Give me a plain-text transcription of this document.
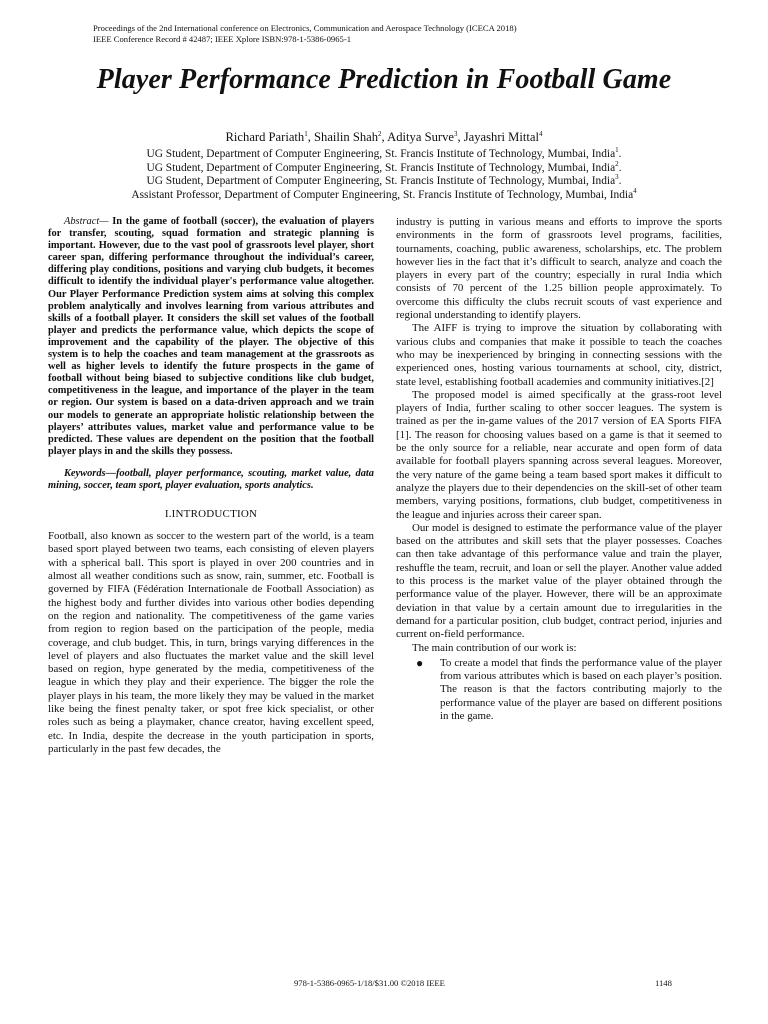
Proceedings of the 2nd International conference on Electronics, Communication and Aerospace Technology (ICECA 2018)
IEEE Conference Record # 42487; IEEE Xplore ISBN:978-1-5386-0965-1
Player Performance Prediction in Football Game
Richard Pariath$^1$, Shailin Shah$^2$, Aditya Surve$^3$, Jayashri Mittal$^4$
UG Student, Department of Computer Engineering, St. Francis Institute of Technology, Mumbai, India$^1$.
UG Student, Department of Computer Engineering, St. Francis Institute of Technology, Mumbai, India$^2$.
UG Student, Department of Computer Engineering, St. Francis Institute of Technology, Mumbai, India$^3$.
Assistant Professor, Department of Computer Engineering, St. Francis Institute of Technology, Mumbai, India$^4$

Abstract— In the game of football (soccer), the evaluation of players for transfer, scouting, squad formation and strategic planning is important. However, due to the vast pool of grassroots level player, short career span, differing performance throughout the individual’s career, differing play conditions, positions and varying club budgets, it becomes difficult to identify the individual player's performance value altogether. Our Player Performance Prediction system aims at solving this complex problem analytically and involves learning from various attributes and skills of a football player. It considers the skill set values of the football player and predicts the performance value, which depicts the scope of improvement and the capability of the player. The objective of this system is to help the coaches and team management at the grassroots as well as higher levels to identify the future prospects in the game of football without being biased to subjective conditions like club budget, competitiveness in the league, and importance of the player in the team or region. Our system is based on a data-driven approach and we train our models to generate an appropriate holistic relationship between the players’ attributes values, market value and performance value to be predicted. These values are dependent on the position that the football player plays in and the skills they possess.

Keywords—football, player performance, scouting, market value, data mining, soccer, team sport, player evaluation, sports analytics.

I.INTRODUCTION

Football, also known as soccer to the western part of the world, is a team based sport played between two teams, each consisting of eleven players with a spherical ball. This sport is played in over 200 countries and in almost all weather conditions such as snow, rain, summer, etc. Football is governed by FIFA (Fédération Internationale de Football Association) as the highest body and further divides into various other bodies depending on the region and nationality. The competitiveness of the game varies from region to region based on the participation of the people, media coverage, and club budget. This, in turn, brings varying differences in the level of players and also fluctuates the market value and the skill level based on region, hype generated by the media, competitiveness of the league in which they play and their experience. The bigger the role the player plays in his team, the more likely they may be valued in the market like being the finest penalty taker, or spot free kick specialist, or other roles such as being a playmaker, chance creator, having excellent speed, etc. In India, despite the decrease in the youth participation in sports, particularly in the past few decades, the

industry is putting in various means and efforts to improve the sports environments in the form of grassroots level programs, facilities, tournaments, coaching, public awareness, scholarships, etc. The problem however lies in the fact that it’s difficult to search, analyze and coach the players in every part of the country; especially in rural India which consists of 70 percent of the 1.25 billion people approximately. To overcome this difficulty the clubs recruit scouts of vast experience and regional understanding to identify players.

The AIFF is trying to improve the situation by collaborating with various clubs and companies that make it possible to teach the coaches who may be inexperienced by bringing in connecting sessions with the experienced ones, hosting various tournaments at school, city, district, state level, establishing football academies and community initiatives.[2]

The proposed model is aimed specifically at the grass-root level players of India, further scaling to other soccer leagues. The system is trained as per the in-game values of the 2017 version of EA Sports FIFA [1]. The reason for choosing values based on a game is that it seemed to be the only source for a reliable, near accurate and open form of data available for football players spanning across several leagues. Moreover, the very nature of the game being a team based sport makes it difficult to analyze the players due to their dependencies on the skill-set of other team members, varying positions, formations, club budget, competitiveness in the league and injuries across their career span.

Our model is designed to estimate the performance value of the player based on the attributes and skill sets that the player possesses. Coaches can then take advantage of this performance value and train the player, reshuffle the team, recruit, and loan or sell the player. Another value added to this process is the market value of the player obtained through the performance value of the player. However, there will be an approximate deviation in that value by a certain amount due to irregularities in the demand for a particular position, club budget, contract period, injuries and current on-field performance.

The main contribution of our work is:

● To create a model that finds the performance value of the player from various attributes which is based on each player’s position. The reason is that the factors contributing majorly to the performance value of the player are based on different positions in the game.
978-1-5386-0965-1/18/$31.00 ©2018 IEEE	1148
